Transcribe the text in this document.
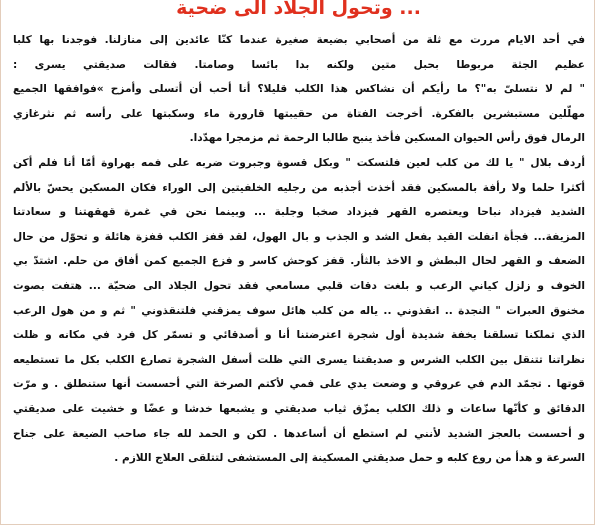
... وتحول الجلاد الى ضحية
في أحد الايام مررت مع ثلة من أصحابي بضيعة صغيرة عندما كنّا عائدين إلى منازلنا. فوجدنا بها كلبا
عظيم الجثة مربوطا بحبل متين ولكنه بدا بائسا وصامتا. فقالت صديقتي يسرى :
" لم لا نتسلىّ به"؟ ما رأيكم أن نشاكس هذا الكلب قليلا؟ أنا أحب أن أتسلى وأمزح »فوافقها الجميع
مهلّلين مستبشرين بالفكرة. أخرجت الفتاة من حقيبتها قارورة ماء وسكبتها على رأسه ثم نثرغازي
الرمال فوق رأس الحيوان المسكين فأخذ ينبح طالبا الرحمة ثم مزمجرا مهدّدا.
أردف بلال " يا لك من كلب لعين فلتسكت " وبكل قسوة وجبروت ضربه على فمه بهراوة أمّا أنا فلم أكن
أكثرا حلما ولا رأفة بالمسكين فقد أخذت أجذبه من رجليه الخلفيتين إلى الوراء فكان المسكين يحسّ بالألم
الشديد فيزداد نباحا ويعتصره القهر فيزداد صخبا وجلبة ... وبينما نحن في غمرة قهقهتنا و سعادتنا
المزيفة... فجأة انفلت القيد بفعل الشد و الجذب و بال الهول، لقد قفز الكلب قفزة هائلة و تحوّل من حال
الضعف و القهر لحال البطش و الاخذ بالثأر. قفز كوحش كاسر و فزع الجميع كمن أفاق من حلم. اشتدّ بي
الخوف و زلزل كياني الرعب و بلغت دقات قلبي مسامعي فقد تحول الجلاد الى ضحيّة ... هتفت بصوت
مخنوق العبرات " النجدة .. انقذوني .. ياله من كلب هائل سوف يمزقني فلتنقذوني " ثم و من هول الرعب
الذي تملكنا تسلقنا بخفة شديدة أول شجرة اعترضتنا أنا و أصدقائي و تسمّر كل فرد في مكانه و ظلت
نظراتنا تتنقل بين الكلب الشرس و صديقتنا يسرى التي ظلت أسفل الشجرة تصارع الكلب بكل ما تستطيعه
قوتها . تجمّد الدم في عروقي و وضعت يدي على فمي لأكتم الصرخة التي أحسست أنها ستنطلق . و مرّت
الدقائق و كأنّها ساعات و ذلك الكلب يمزّق ثياب صديقتي و يشبعها خدشا و عضّا و خشيت على صديقتي
و أحسست بالعجز الشديد لأنني لم استطع أن أساعدها . لكن و الحمد لله جاء صاحب الضيعة على جناح
السرعة و هدأ من روع كلبه و حمل صديقتي المسكينة إلى المستشفى لتتلقى العلاج اللازم .
